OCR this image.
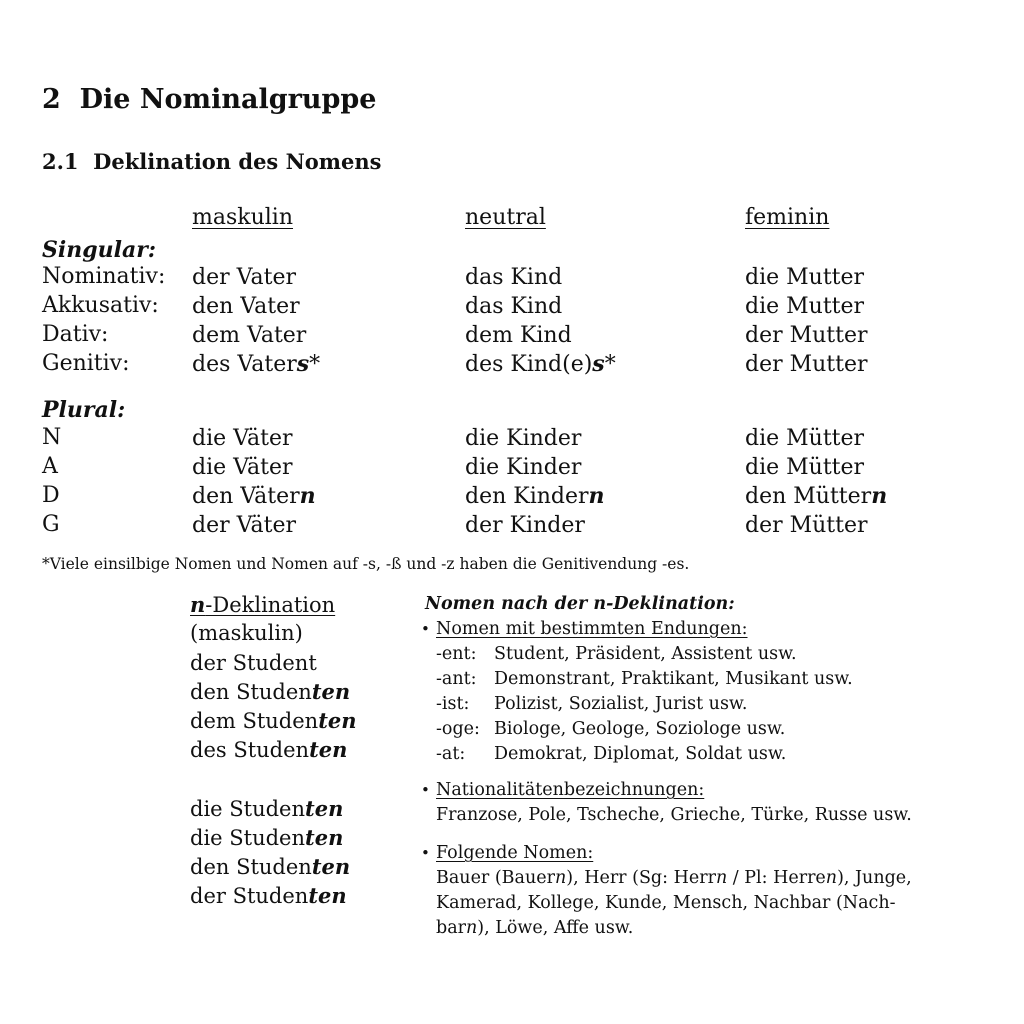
2 Die Nominalgruppe
2.1 Deklination des Nomens
maskulin	neutral	feminin
Singular:
Nominativ: der Vater	das Kind	die Mutter
Akkusativ: den Vater	das Kind	die Mutter
Dativ:	dem Vater	dem Kind	der Mutter
Genitiv:	des Vaters*	des Kind(e)s*	der Mutter
Plural:
N	die Väter	die Kinder	die Mütter
A	die Väter	die Kinder	die Mütter
D	den Vätern	den Kindern	den Müttern
G	der Väter	der Kinder	der Mütter
*Viele einsilbige Nomen und Nomen auf -s, -ß und -z haben die Genitivendung -es.
n-Deklination
(maskulin)
der Student
den Studenten
dem Studenten
des Studenten
die Studenten
die Studenten
den Studenten
der Studenten
Nomen nach der n-Deklination:
• Nomen mit bestimmten Endungen:
-ent: Student, Präsident, Assistent usw.
-ant: Demonstrant, Praktikant, Musikant usw.
-ist: Polizist, Sozialist, Jurist usw.
-oge: Biologe, Geologe, Soziologe usw.
-at: Demokrat, Diplomat, Soldat usw.
• Nationalitätenbezeichnungen:
Franzose, Pole, Tscheche, Grieche, Türke, Russe usw.
• Folgende Nomen:
Bauer (Bauern), Herr (Sg: Herrn / Pl: Herren), Junge,
Kamerad, Kollege, Kunde, Mensch, Nachbar (Nach-
barn), Löwe, Affe usw.
